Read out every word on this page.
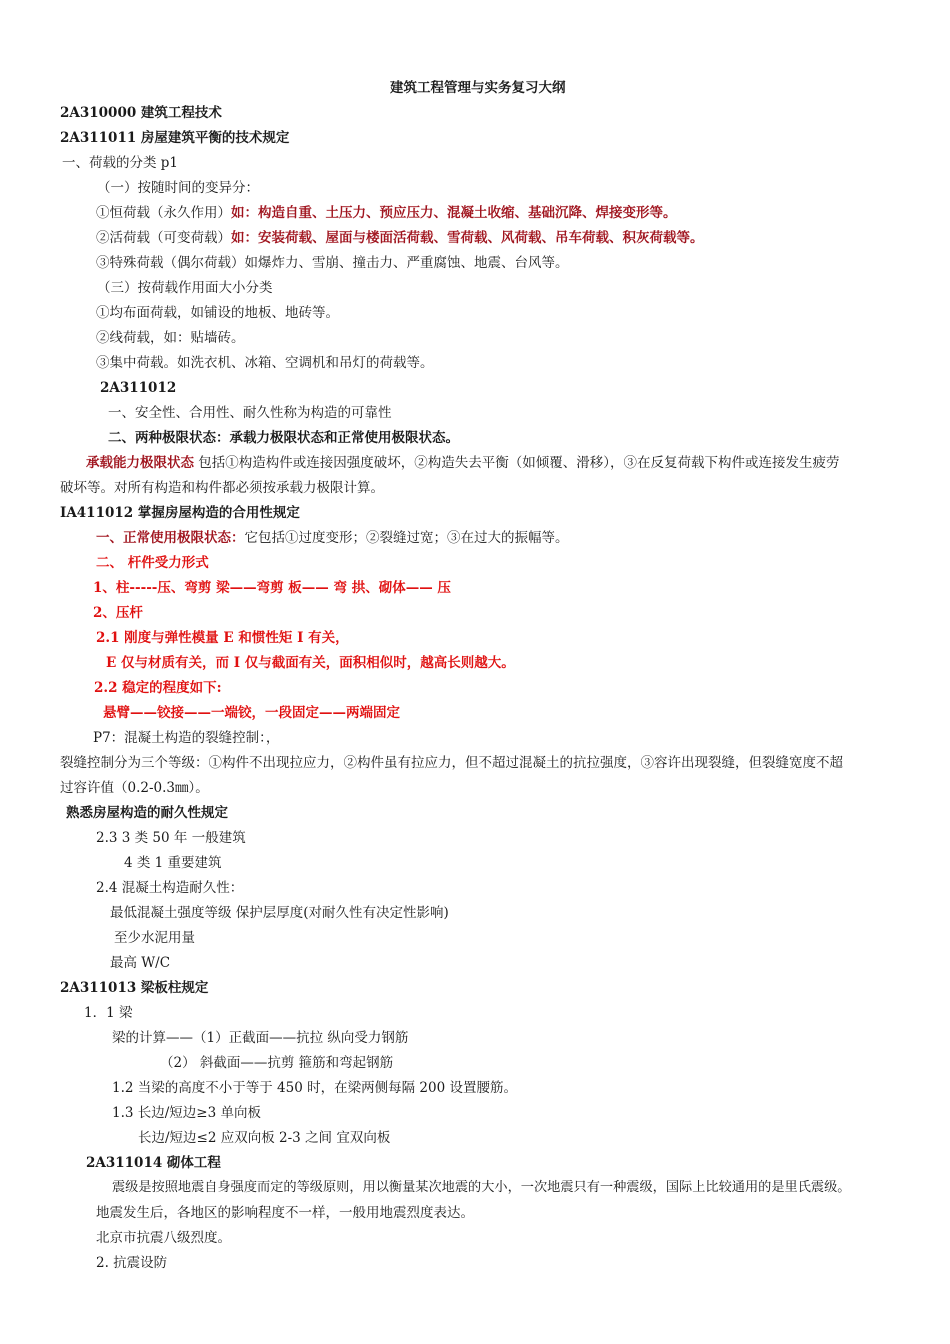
建筑工程管理与实务复习大纲
2A310000 建筑工程技术
2A311011 房屋建筑平衡的技术规定
一、荷载的分类 p1
（一）按随时间的变异分：
①恒荷载（永久作用）如：构造自重、土压力、预应压力、混凝土收缩、基础沉降、焊接变形等。
②活荷载（可变荷载）如：安装荷载、屋面与楼面活荷载、雪荷载、风荷载、吊车荷载、积灰荷载等。
③特殊荷载（偶尔荷载）如爆炸力、雪崩、撞击力、严重腐蚀、地震、台风等。
（三）按荷载作用面大小分类
①均布面荷载，如铺设的地板、地砖等。
②线荷载，如：贴墙砖。
③集中荷载。如洗衣机、冰箱、空调机和吊灯的荷载等。
2A311012
一、安全性、合用性、耐久性称为构造的可靠性
二、两种极限状态：承载力极限状态和正常使用极限状态。
承载能力极限状态 包括①构造构件或连接因强度破坏，②构造失去平衡（如倾覆、滑移），③在反复荷载下构件或连接发生疲劳
破坏等。对所有构造和构件都必须按承载力极限计算。
IA411012 掌握房屋构造的合用性规定
一、正常使用极限状态：它包括①过度变形；②裂缝过宽；③在过大的振幅等。
二、 杆件受力形式
1、柱-----压、弯剪 梁——弯剪 板—— 弯 拱、砌体—— 压
2、压杆
2.1 刚度与弹性模量 E 和惯性矩 I 有关，
E 仅与材质有关，而 I 仅与截面有关，面积相似时，越高长则越大。
2.2 稳定的程度如下:
悬臂——铰接——一端铰，一段固定——两端固定
P7：混凝土构造的裂缝控制：，
裂缝控制分为三个等级：①构件不出现拉应力，②构件虽有拉应力，但不超过混凝土的抗拉强度，③容许出现裂缝，但裂缝宽度不超
过容许值（0.2-0.3㎜）。
熟悉房屋构造的耐久性规定
2.3 3 类 50 年 一般建筑
4 类 1 重要建筑
2.4 混凝土构造耐久性：
最低混凝土强度等级 保护层厚度(对耐久性有决定性影响)
至少水泥用量
最高 W/C
2A311013 梁板柱规定
1．1 梁
梁的计算——（1）正截面——抗拉 纵向受力钢筋
（2） 斜截面——抗剪 箍筋和弯起钢筋
1.2 当梁的高度不小于等于 450 时，在梁两侧每隔 200 设置腰筋。
1.3 长边/短边≥3 单向板
长边/短边≤2 应双向板 2-3 之间 宜双向板
2A311014 砌体工程
震级是按照地震自身强度而定的等级原则，用以衡量某次地震的大小，一次地震只有一种震级，国际上比较通用的是里氏震级。
地震发生后，各地区的影响程度不一样，一般用地震烈度表达。
北京市抗震八级烈度。
2. 抗震设防
